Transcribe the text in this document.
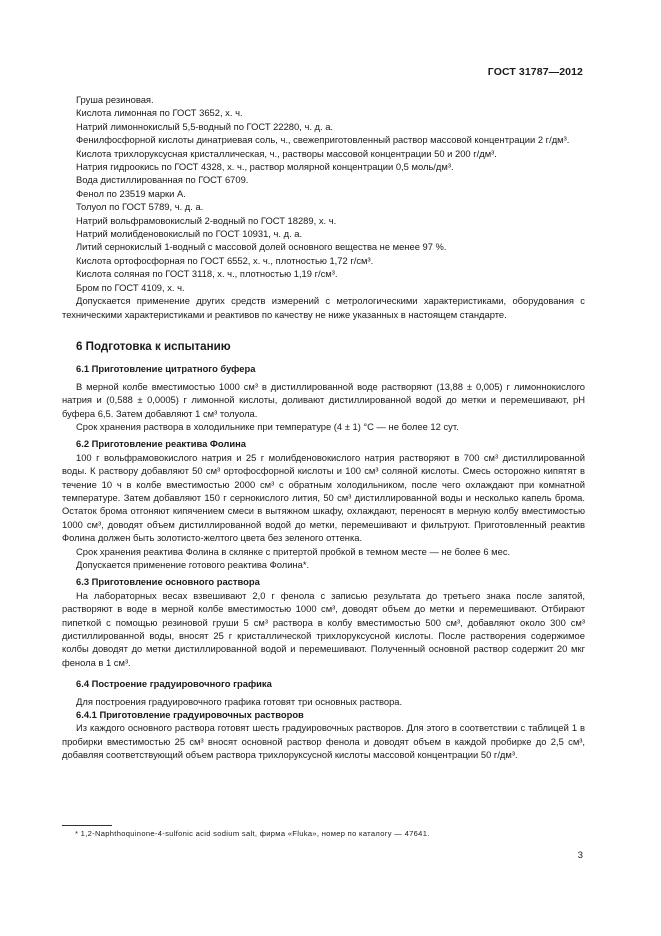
ГОСТ 31787—2012

Груша резиновая.

Кислота лимонная по ГОСТ 3652, х. ч.

Натрий лимоннокислый 5,5-водный по ГОСТ 22280, ч. д. а.

Фенилфосфорной кислоты динатриевая соль, ч., свежеприготовленный раствор массовой концентрации 2 г/дм³.

Кислота трихлоруксусная кристаллическая, ч., растворы массовой концентрации 50 и 200 г/дм³.

Натрия гидроокись по ГОСТ 4328, х. ч., раствор молярной концентрации 0,5 моль/дм³.

Вода дистиллированная по ГОСТ 6709.

Фенол по 23519 марки А.

Толуол по ГОСТ 5789, ч. д. а.

Натрий вольфрамовокислый 2-водный по ГОСТ 18289, х. ч.

Натрий молибденовокислый по ГОСТ 10931, ч. д. а.

Литий сернокислый 1-водный с массовой долей основного вещества не менее 97 %.

Кислота ортофосфорная по ГОСТ 6552, х. ч., плотностью 1,72 г/см³.

Кислота соляная по ГОСТ 3118, х. ч., плотностью 1,19 г/см³.

Бром по ГОСТ 4109, х. ч.

Допускается применение других средств измерений с метрологическими характеристиками, оборудования с техническими характеристиками и реактивов по качеству не ниже указанных в настоящем стандарте.

6 Подготовка к испытанию
6.1 Приготовление цитратного буфера

В мерной колбе вместимостью 1000 см³ в дистиллированной воде растворяют (13,88 ± 0,005) г лимоннокислого натрия и (0,588 ± 0,0005) г лимонной кислоты, доливают дистиллированной водой до метки и перемешивают, pH буфера 6,5. Затем добавляют 1 см³ толуола.

Срок хранения раствора в холодильнике при температуре (4 ± 1) °С — не более 12 сут.

6.2 Приготовление реактива Фолина

100 г вольфрамовокислого натрия и 25 г молибденовокислого натрия растворяют в 700 см³ дистиллированной воды. К раствору добавляют 50 см³ ортофосфорной кислоты и 100 см³ соляной кислоты. Смесь осторожно кипятят в течение 10 ч в колбе вместимостью 2000 см³ с обратным холодильником, после чего охлаждают при комнатной температуре. Затем добавляют 150 г сернокислого лития, 50 см³ дистиллированной воды и несколько капель брома. Остаток брома отгоняют кипячением смеси в вытяжном шкафу, охлаждают, переносят в мерную колбу вместимостью 1000 см³, доводят объем дистиллированной водой до метки, перемешивают и фильтруют. Приготовленный реактив Фолина должен быть золотисто-желтого цвета без зеленого оттенка.

Срок хранения реактива Фолина в склянке с притертой пробкой в темном месте — не более 6 мес.

Допускается применение готового реактива Фолина*.

6.3 Приготовление основного раствора

На лабораторных весах взвешивают 2,0 г фенола с записью результата до третьего знака после запятой, растворяют в воде в мерной колбе вместимостью 1000 см³, доводят объем до метки и перемешивают. Отбирают пипеткой с помощью резиновой груши 5 см³ раствора в колбу вместимостью 500 см³, добавляют около 300 см³ дистиллированной воды, вносят 25 г кристаллической трихлоруксусной кислоты. После растворения содержимое колбы доводят до метки дистиллированной водой и перемешивают. Полученный основной раствор содержит 20 мкг фенола в 1 см³.

6.4 Построение градуировочного графика

Для построения градуировочного графика готовят три основных раствора.

6.4.1 Приготовление градуировочных растворов

Из каждого основного раствора готовят шесть градуировочных растворов. Для этого в соответствии с таблицей 1 в пробирки вместимостью 25 см³ вносят основной раствор фенола и доводят объем в каждой пробирке до 2,5 см³, добавляя соответствующий объем раствора трихлоруксусной кислоты массовой концентрации 50 г/дм³.

* 1,2-Naphthoquinone-4-sulfonic acid sodium salt, фирма «Fluka», номер по каталогу — 47641.
3
